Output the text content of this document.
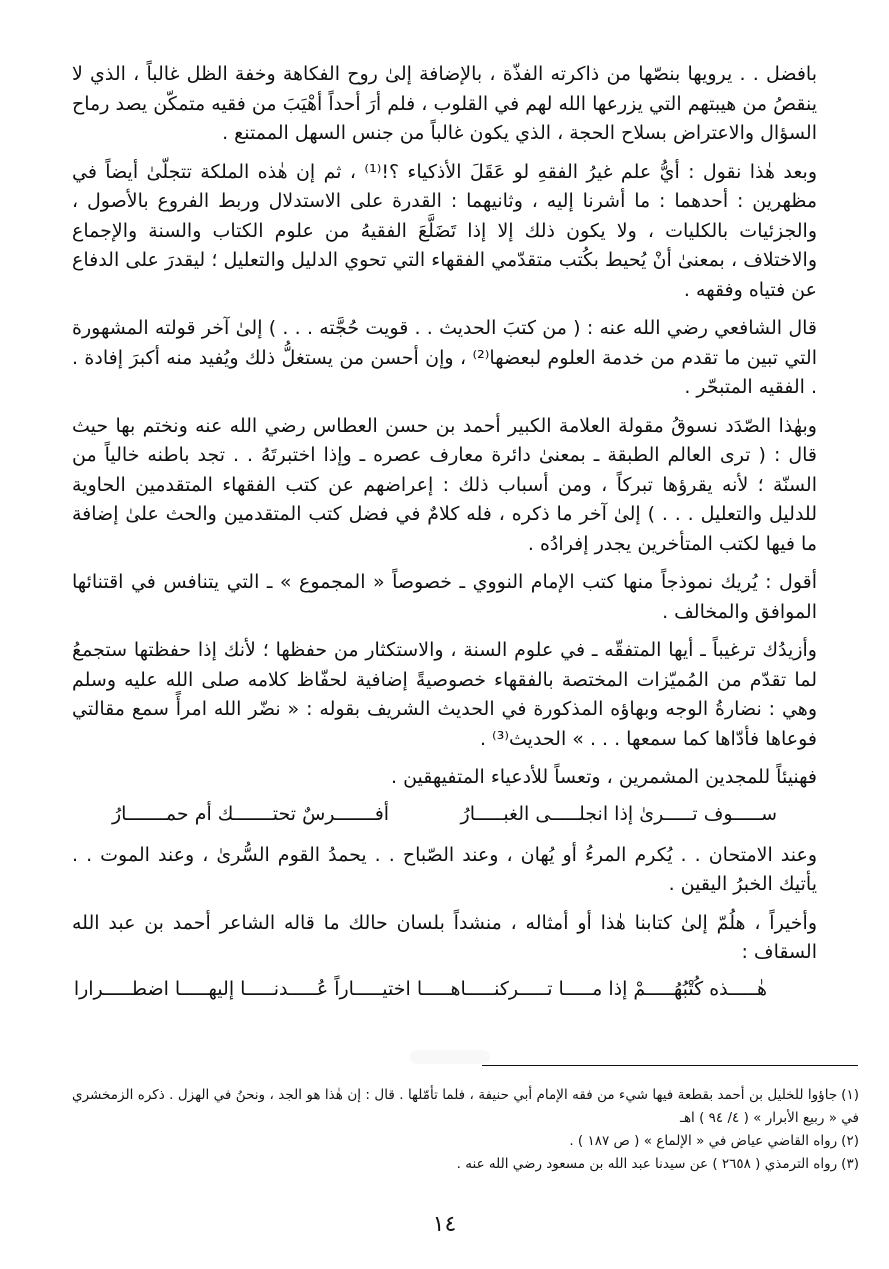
بافضل . . يرويها بنصّها من ذاكرته الفذّة ، بالإضافة إلىٰ روح الفكاهة وخفة الظل غالباً ، الذي لا ينقصُ من هيبتهم التي يزرعها الله لهم في القلوب ، فلم أرَ أحداً أهْيَبَ من فقيه متمكّن يصد رماح السؤال والاعتراض بسلاح الحجة ، الذي يكون غالباً من جنس السهل الممتنع .

وبعد هٰذا نقول : أيُّ علم غيرُ الفقهِ لو عَقَلَ الأذكياء ؟!⁽¹⁾ ، ثم إن هٰذه الملكة تتجلّىٰ أيضاً في مظهرين : أحدهما : ما أشرنا إليه ، وثانيهما : القدرة على الاستدلال وربط الفروع بالأصول ، والجزئيات بالكليات ، ولا يكون ذلك إلا إذا تَضَلَّعَ الفقيهُ من علوم الكتاب والسنة والإجماع والاختلاف ، بمعنىٰ أنْ يُحيط بكُتب متقدّمي الفقهاء التي تحوي الدليل والتعليل ؛ ليقدرَ على الدفاع عن فتياه وفقهه .

قال الشافعي رضي الله عنه : ( من كتبَ الحديث . . قويت حُجَّته . . . ) إلىٰ آخر قولته المشهورة التي تبين ما تقدم من خدمة العلوم لبعضها⁽²⁾ ، وإن أحسن من يستغلُّ ذلك ويُفيد منه أكبرَ إفادة . . الفقيه المتبحّر .

وبهٰذا الصّدَد نسوقُ مقولة العلامة الكبير أحمد بن حسن العطاس رضي الله عنه ونختم بها حيث قال : ( ترى العالم الطبقة ـ بمعنىٰ دائرة معارف عصره ـ وإذا اختبرتَهُ . . تجد باطنه خالياً من السنّة ؛ لأنه يقرؤها تبركاً ، ومن أسباب ذلك : إعراضهم عن كتب الفقهاء المتقدمين الحاوية للدليل والتعليل . . . ) إلىٰ آخر ما ذكره ، فله كلامٌ في فضل كتب المتقدمين والحث علىٰ إضافة ما فيها لكتب المتأخرين يجدر إفرادُه .

أقول : يُريك نموذجاً منها كتب الإمام النووي ـ خصوصاً « المجموع » ـ التي يتنافس في اقتنائها الموافق والمخالف .

وأزيدُك ترغيباً ـ أيها المتفقّه ـ في علوم السنة ، والاستكثار من حفظها ؛ لأنك إذا حفظتها ستجمعُ لما تقدّم من المُميّزات المختصة بالفقهاء خصوصيةً إضافية لحفّاظ كلامه صلى الله عليه وسلم وهي : نضارةُ الوجه وبهاؤه المذكورة في الحديث الشريف بقوله : « نضّر الله امرأً سمع مقالتي فوعاها فأدّاها كما سمعها . . . » الحديث⁽³⁾ .

فهنيئاً للمجدين المشمرين ، وتعساً للأدعياء المتفيهقين .

ســـــوف تـــــرىٰ إذا انجلـــــى الغبـــــارُ
أفـــــــرسٌ تحتـــــــك أم حمـــــــارُ

وعند الامتحان . . يُكرم المرءُ أو يُهان ، وعند الصّباح . . يحمدُ القوم السُّرىٰ ، وعند الموت . . يأتيك الخبرُ اليقين .

وأخيراً ، هلُمّ إلىٰ كتابنا هٰذا أو أمثاله ، منشداً بلسان حالك ما قاله الشاعر أحمد بن عبد الله السقاف :

هٰـــــذه كُتْبُهُـــــمْ إذا مـــــا تـــــركنـــــا
هـــــا اختيـــــاراً عُـــــدنـــــا إليهـــــا اضطـــــرارا

(١)جاؤوا للخليل بن أحمد بقطعة فيها شيء من فقه الإمام أبي حنيفة ، فلما تأمّلها . قال : إن هٰذا هو الجد ، ونحنُ في الهزل . ذكره الزمخشري في « ربيع الأبرار » ( ٤/ ٩٤ ) اهـ

(٢)رواه القاضي عياض في « الإلماع » ( ص ١٨٧ ) .

(٣)رواه الترمذي ( ٢٦٥٨ ) عن سيدنا عبد الله بن مسعود رضي الله عنه .

١٤
